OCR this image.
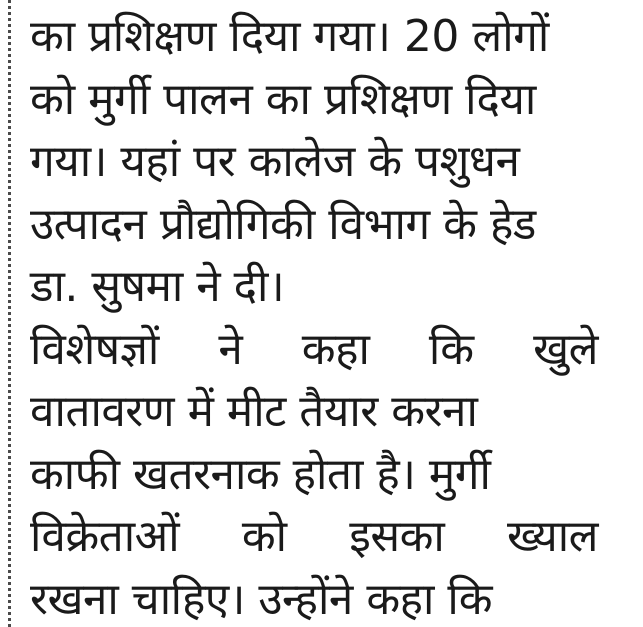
का प्रशिक्षण दिया गया। 20 लोगों
को मुर्गी पालन का प्रशिक्षण दिया
गया। यहां पर कालेज के पशुधन
उत्पादन प्रौद्योगिकी विभाग के हेड
डा. सुषमा ने दी।
विशेषज्ञों ने कहा कि खुले
वातावरण में मीट तैयार करना
काफी खतरनाक होता है। मुर्गी
विक्रेताओं को इसका ख्याल
रखना चाहिए। उन्होंने कहा कि
